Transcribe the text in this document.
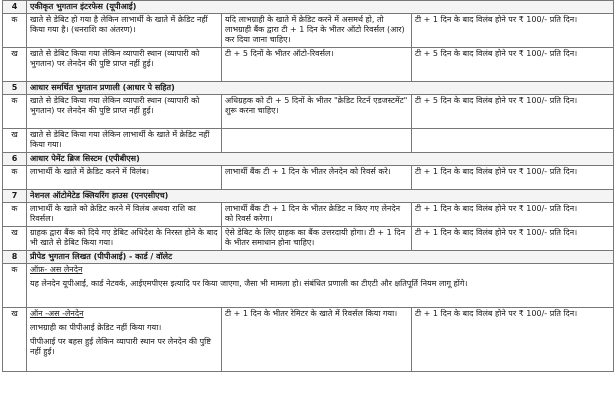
4	एकीकृत भुगतान इंटरफेस (यूपीआई)		
क	खाते से डेबिट हो गया है लेकिन लाभार्थी के खाते में क्रेडिट नहीं किया गया है। (धनराशि का अंतरण)।	यदि लाभग्राही के खाते में क्रेडिट करने में असमर्थ हो, तो लाभग्राही बैंक द्वारा टी + 1 दिन के भीतर ऑटो रिवर्सल (आर) कर दिया जाना चाहिए।	टी + 1 दिन के बाद विलंब होने पर ₹ 100/- प्रति दिन।
ख	खाते से डेबिट किया गया लेकिन व्यापारी स्थान (व्यापारी को भुगतान) पर लेनदेन की पुष्टि प्राप्त नहीं हुई।	टी + 5 दिनों के भीतर ऑटो-रिवर्सल।	टी + 5 दिन के बाद विलंब होने पर ₹ 100/- प्रति दिन।
5	आधार समर्थित भुगतान प्रणाली (आधार पे सहित)		
क	खाते से डेबिट किया गया लेकिन व्यापारी स्थान (व्यापारी को भुगतान) पर लेनदेन की पुष्टि प्राप्त नहीं हुई।	अधिग्रहक को टी + 5 दिनों के भीतर "क्रेडिट रिटर्न एडजस्टमेंट" शुरू करना चाहिए।	टी + 5 दिन के बाद विलंब होने पर ₹ 100/- प्रति दिन।
ख	खाते से डेबिट किया गया लेकिन लाभार्थी के खाते में क्रेडिट नहीं किया गया।		
6	आधार पेमेंट ब्रिज सिस्टम (एपीबीएस)		
क	लाभार्थी के खाते में क्रेडिट करने में विलंब।	लाभार्थी बैंक टी + 1 दिन के भीतर लेनदेन को रिवर्स करे।	टी + 1 दिन के बाद विलंब होने पर ₹ 100/- प्रति दिन।
7	नेशनल ऑटोमेटेड क्लियरिंग हाउस (एनएसीएच)		
क	लाभार्थी के खाते को क्रेडिट करने में विलंब अथवा राशि का रिवर्सल।	लाभार्थी बैंक टी + 1 दिन के भीतर क्रेडिट न किए गए लेनदेन को रिवर्स करेगा।	टी + 1 दिन के बाद विलंब होने पर ₹ 100/- प्रति दिन।
ख	ग्राहक द्वारा बैंक को दिये गए डेबिट अधिदेश के निरस्त होने के बाद भी खाते से डेबिट किया गया।	ऐसे डेबिट के लिए ग्राहक का बैंक उत्तरदायी होगा। टी + 1 दिन के भीतर समाधान होना चाहिए।	टी + 1 दिन के बाद विलंब होने पर ₹ 100/- प्रति दिन।
8	प्रीपेड भुगतान लिखत (पीपीआई) - कार्ड / वॉलेट		
क	ऑफ़- अस लेनदेन
यह लेनदेन यूपीआई, कार्ड नेटवर्क, आईएमपीएस इत्यादि पर किया जाएगा, जैसा भी मामला हो। संबंधित प्रणाली का टीएटी और क्षतिपूर्ति नियम लागू होंगे।		
ख	ऑन -अस -लेनदेन
लाभग्राही का पीपीआई क्रेडिट नहीं किया गया।
पीपीआई पर बहस हुई लेकिन व्यापारी स्थान पर लेनदेन की पुष्टि नहीं हुई।	टी + 1 दिन के भीतर रेमिटर के खाते में रिवर्सल किया गया।	टी + 1 दिन के बाद विलंब होने पर ₹ 100/- प्रति दिन।
